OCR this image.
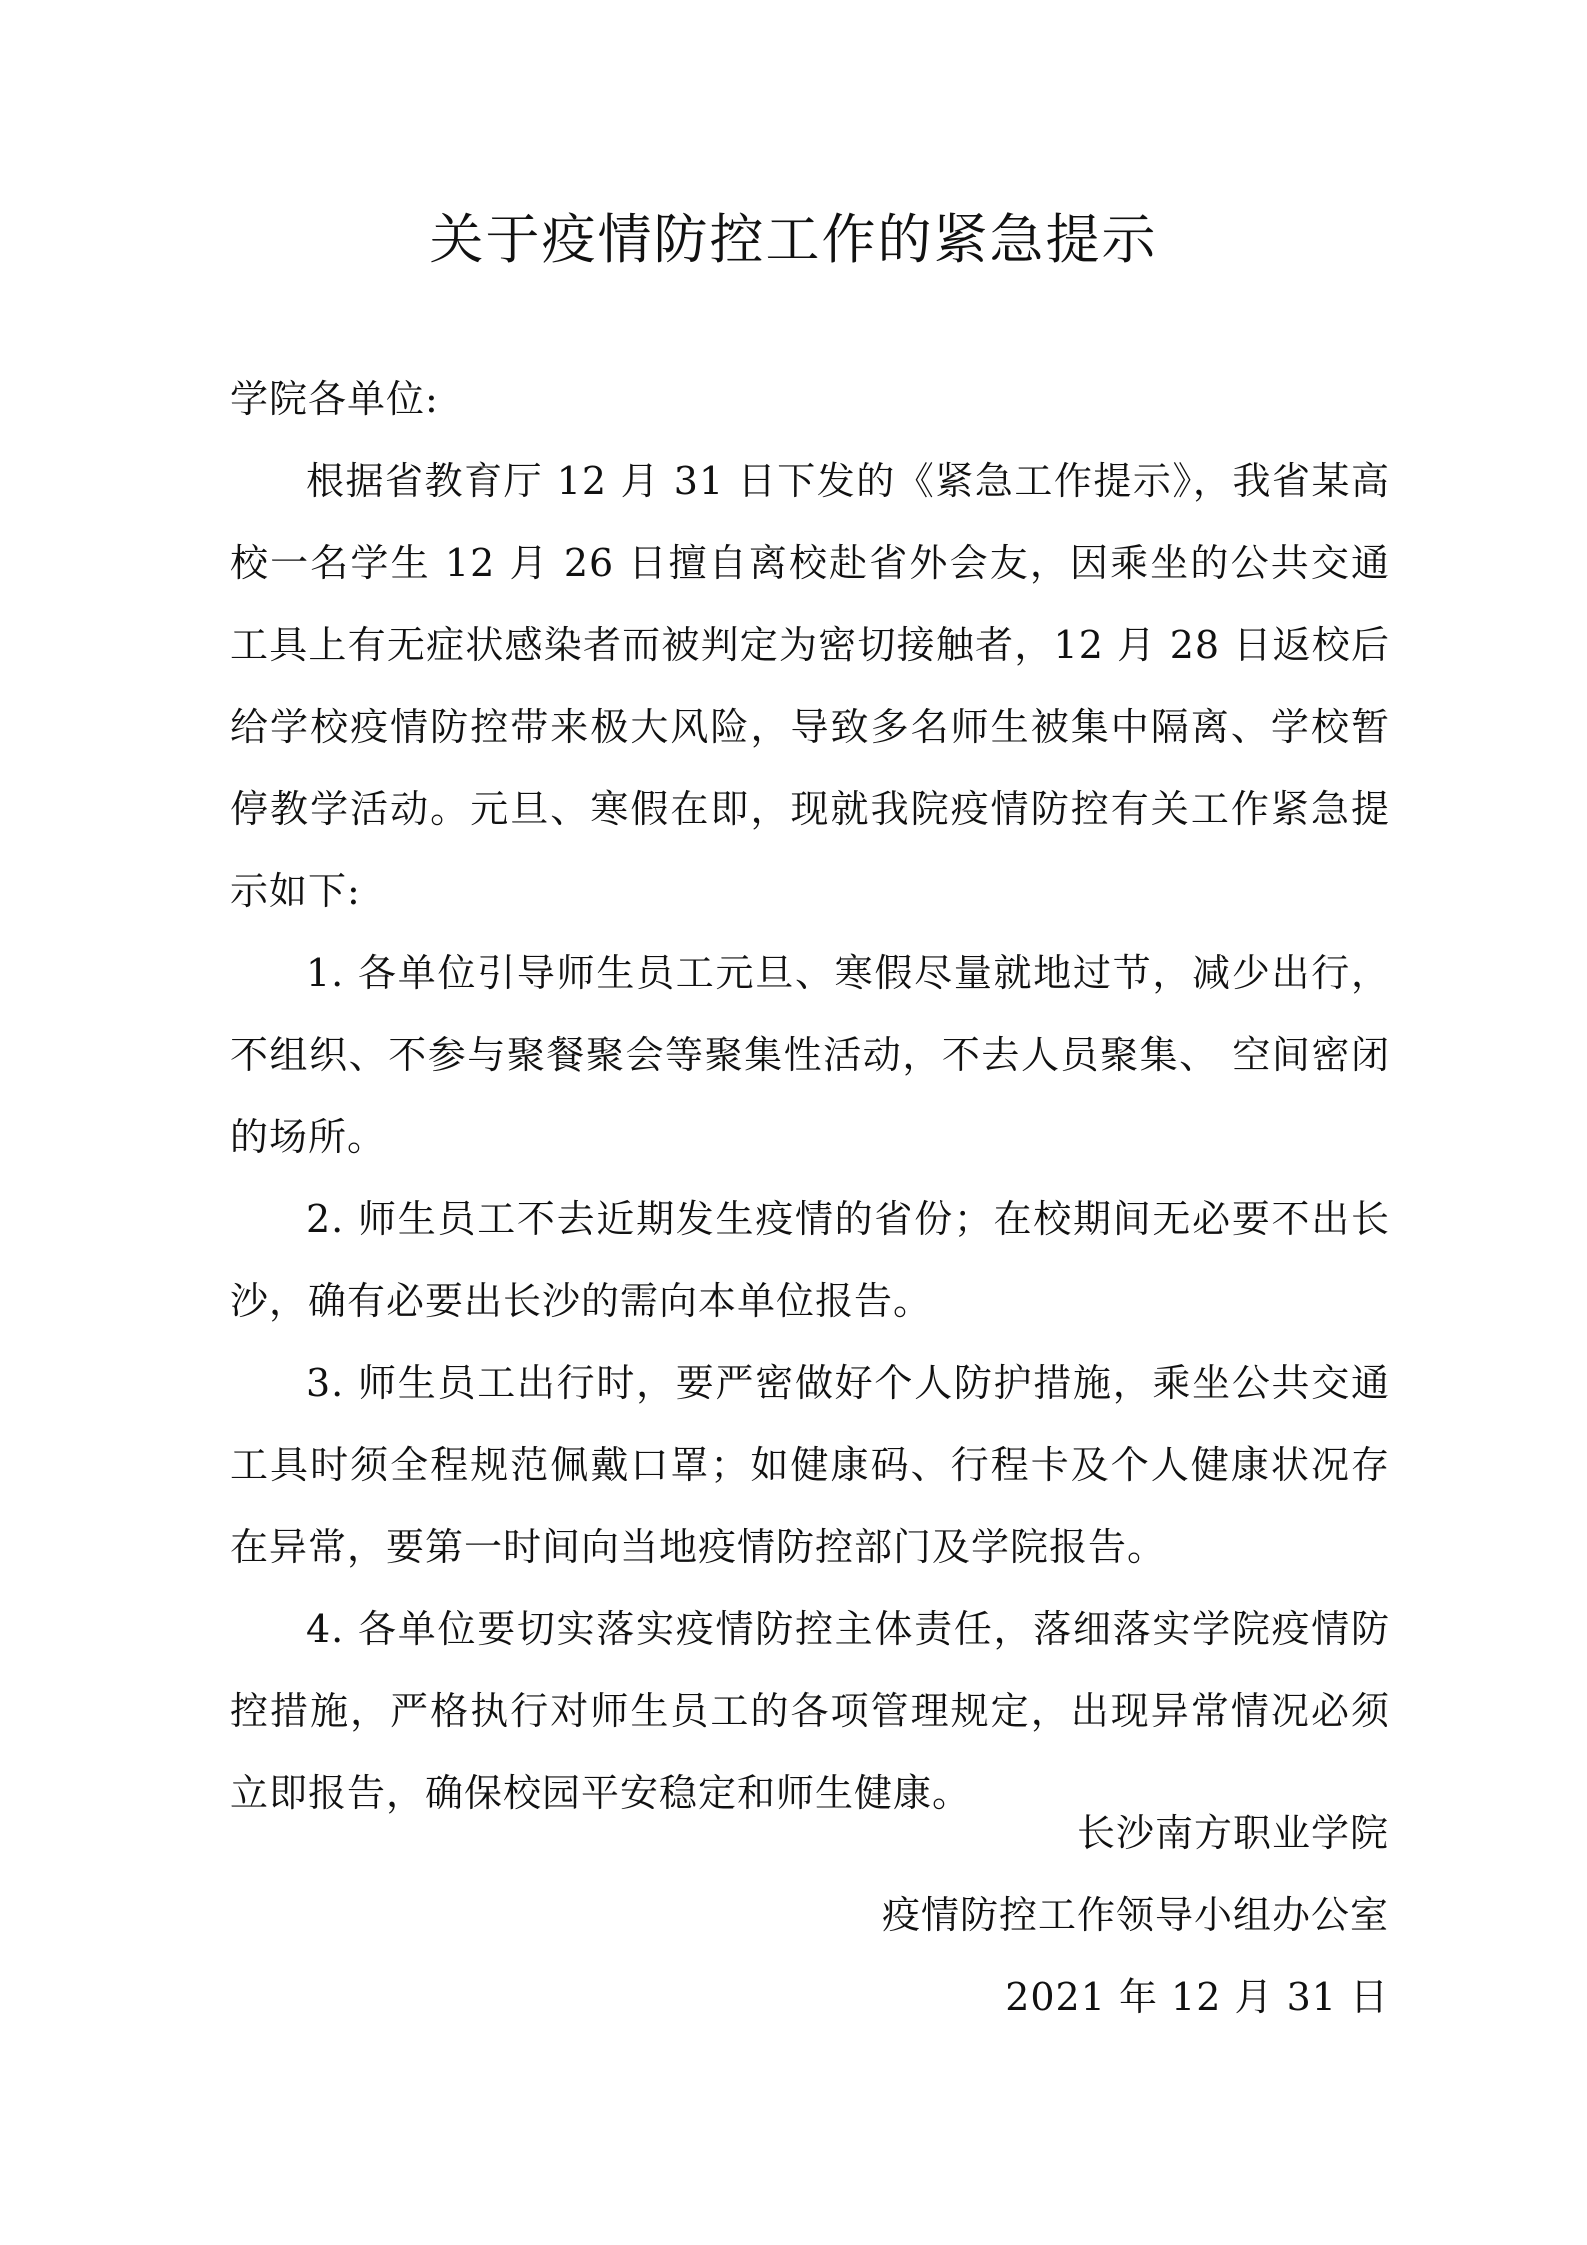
关于疫情防控工作的紧急提示

学院各单位:

根据省教育厅 12 月 31 日下发的《紧急工作提示》，我省某高校一名学生 12 月 26 日擅自离校赴省外会友，因乘坐的公共交通工具上有无症状感染者而被判定为密切接触者，12 月 28 日返校后给学校疫情防控带来极大风险，导致多名师生被集中隔离、学校暂停教学活动。元旦、寒假在即，现就我院疫情防控有关工作紧急提示如下:

1. 各单位引导师生员工元旦、寒假尽量就地过节，减少出行，不组织、不参与聚餐聚会等聚集性活动，不去人员聚集、 空间密闭的场所。

2. 师生员工不去近期发生疫情的省份；在校期间无必要不出长沙，确有必要出长沙的需向本单位报告。

3. 师生员工出行时，要严密做好个人防护措施，乘坐公共交通工具时须全程规范佩戴口罩；如健康码、行程卡及个人健康状况存在异常，要第一时间向当地疫情防控部门及学院报告。

4. 各单位要切实落实疫情防控主体责任，落细落实学院疫情防控措施，严格执行对师生员工的各项管理规定，出现异常情况必须立即报告，确保校园平安稳定和师生健康。

长沙南方职业学院
疫情防控工作领导小组办公室
2021 年 12 月 31 日
